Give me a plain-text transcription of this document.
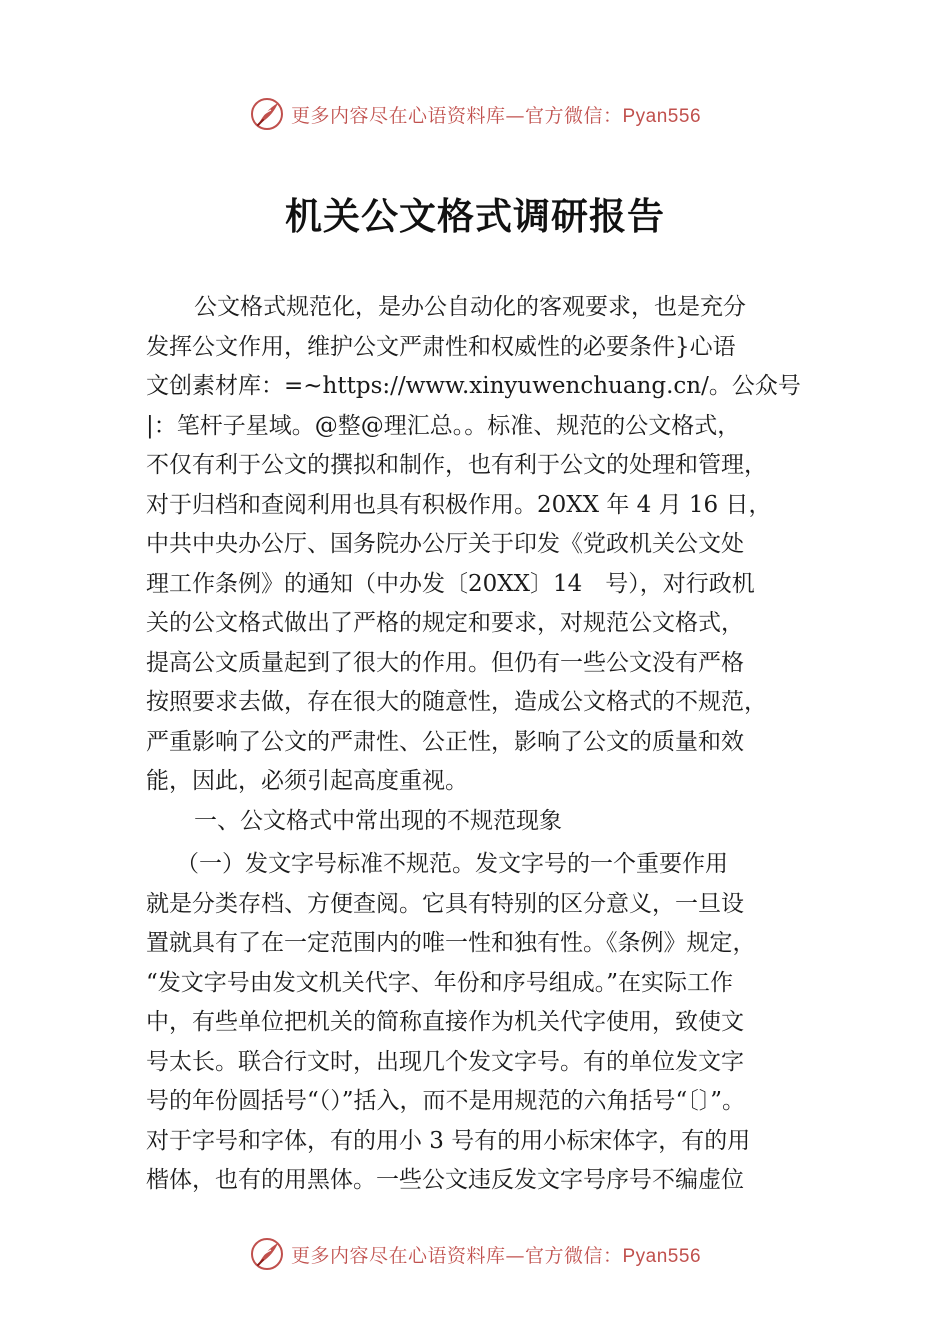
更多内容尽在心语资料库—官方微信：Pyan556
机关公文格式调研报告
公文格式规范化，是办公自动化的客观要求，也是充分
发挥公文作用，维护公文严肃性和权威性的必要条件}心语
文创素材库：=~https://www.xinyuwenchuang.cn/。公众号
|：笔杆子星域。@整@理汇总。。标准、规范的公文格式，
不仅有利于公文的撰拟和制作，也有利于公文的处理和管理，
对于归档和查阅利用也具有积极作用。20XX 年 4 月 16 日，
中共中央办公厅、国务院办公厅关于印发《党政机关公文处
理工作条例》的通知（中办发〔20XX〕14　号），对行政机
关的公文格式做出了严格的规定和要求，对规范公文格式，
提高公文质量起到了很大的作用。但仍有一些公文没有严格
按照要求去做，存在很大的随意性，造成公文格式的不规范，
严重影响了公文的严肃性、公正性，影响了公文的质量和效
能，因此，必须引起高度重视。
一、公文格式中常出现的不规范现象
（一）发文字号标准不规范。发文字号的一个重要作用
就是分类存档、方便查阅。它具有特别的区分意义，一旦设
置就具有了在一定范围内的唯一性和独有性。《条例》规定，
“发文字号由发文机关代字、年份和序号组成。”在实际工作
中，有些单位把机关的简称直接作为机关代字使用，致使文
号太长。联合行文时，出现几个发文字号。有的单位发文字
号的年份圆括号“（）”括入，而不是用规范的六角括号“〔〕”。
对于字号和字体，有的用小 3 号有的用小标宋体字，有的用
楷体，也有的用黑体。一些公文违反发文字号序号不编虚位
更多内容尽在心语资料库—官方微信：Pyan556
